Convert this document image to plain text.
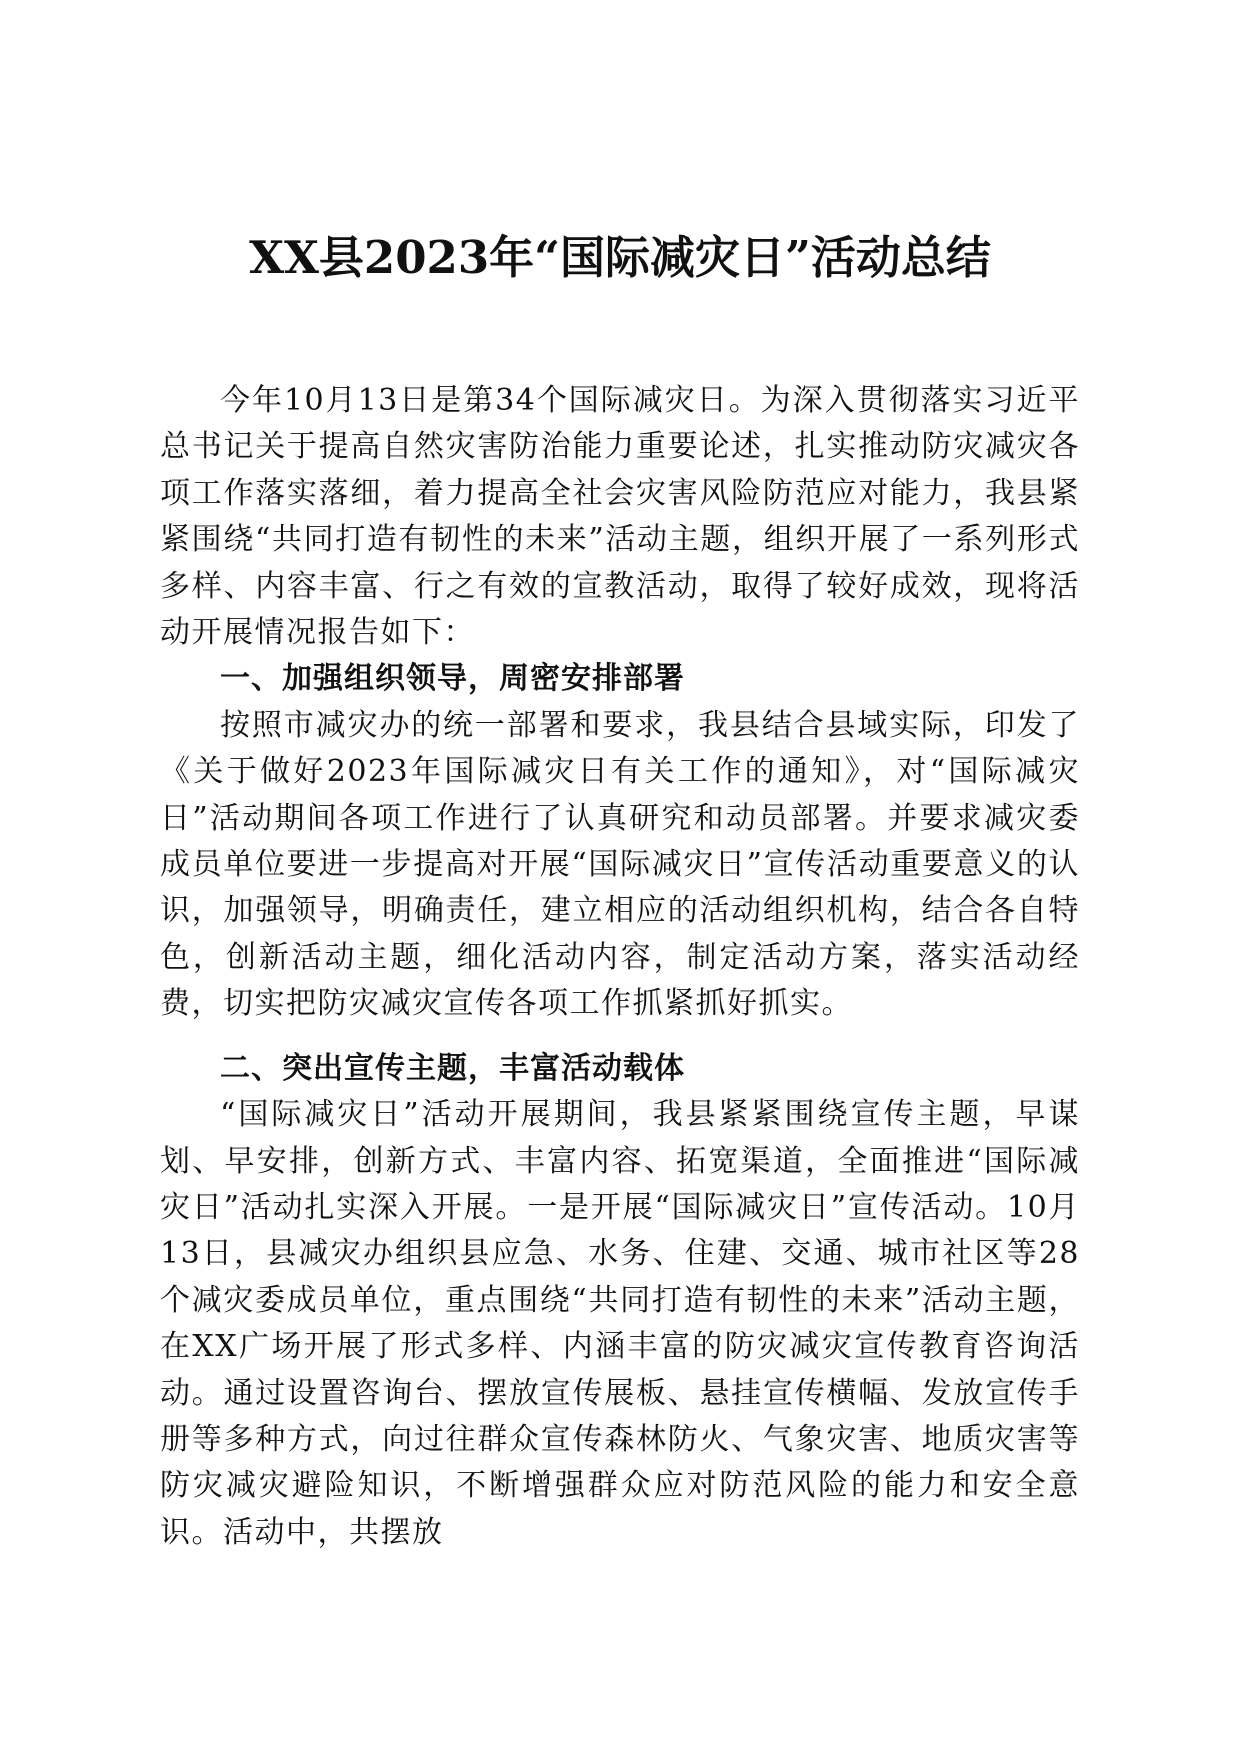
XX县2023年“国际减灾日”活动总结

今年10月13日是第34个国际减灾日。为深入贯彻落实习近平总书记关于提高自然灾害防治能力重要论述，扎实推动防灾减灾各项工作落实落细，着力提高全社会灾害风险防范应对能力，我县紧紧围绕“共同打造有韧性的未来”活动主题，组织开展了一系列形式多样、内容丰富、行之有效的宣教活动，取得了较好成效，现将活动开展情况报告如下：

一、加强组织领导，周密安排部署

按照市减灾办的统一部署和要求，我县结合县域实际，印发了《关于做好2023年国际减灾日有关工作的通知》，对“国际减灾日”活动期间各项工作进行了认真研究和动员部署。并要求减灾委成员单位要进一步提高对开展“国际减灾日”宣传活动重要意义的认识，加强领导，明确责任，建立相应的活动组织机构，结合各自特色，创新活动主题，细化活动内容，制定活动方案，落实活动经费，切实把防灾减灾宣传各项工作抓紧抓好抓实。

二、突出宣传主题，丰富活动载体

“国际减灾日”活动开展期间，我县紧紧围绕宣传主题，早谋划、早安排，创新方式、丰富内容、拓宽渠道，全面推进“国际减灾日”活动扎实深入开展。一是开展“国际减灾日”宣传活动。10月13日，县减灾办组织县应急、水务、住建、交通、城市社区等28个减灾委成员单位，重点围绕“共同打造有韧性的未来”活动主题，在XX广场开展了形式多样、内涵丰富的防灾减灾宣传教育咨询活动。通过设置咨询台、摆放宣传展板、悬挂宣传横幅、发放宣传手册等多种方式，向过往群众宣传森林防火、气象灾害、地质灾害等防灾减灾避险知识，不断增强群众应对防范风险的能力和安全意识。活动中，共摆放
